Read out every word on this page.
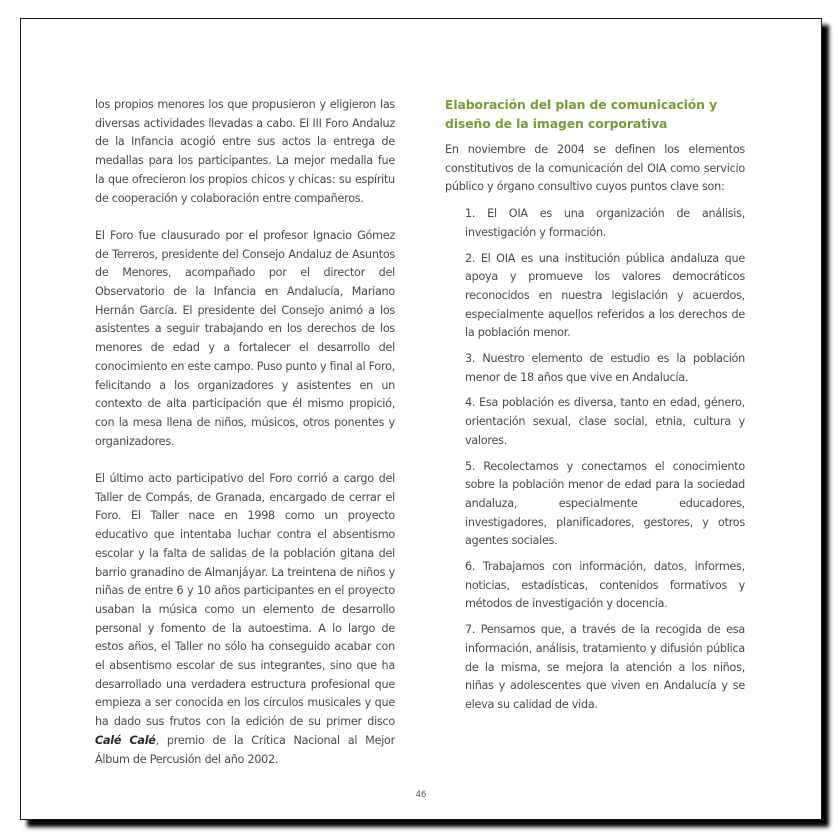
los propios menores los que propusieron y eligieron las diversas actividades llevadas a cabo. El III Foro Andaluz de la Infancia acogió entre sus actos la entrega de medallas para los participantes. La mejor medalla fue la que ofrecieron los propios chicos y chicas: su espíritu de cooperación y colaboración entre compañeros.

El Foro fue clausurado por el profesor Ignacio Gómez de Terreros, presidente del Consejo Andaluz de Asuntos de Menores, acompañado por el director del Observatorio de la Infancia en Andalucía, Mariano Hernán García. El presidente del Consejo animó a los asistentes a seguir trabajando en los derechos de los menores de edad y a fortalecer el desarrollo del conocimiento en este campo. Puso punto y final al Foro, felicitando a los organizadores y asistentes en un contexto de alta participación que él mismo propició, con la mesa llena de niños, músicos, otros ponentes y organizadores.

El último acto participativo del Foro corrió a cargo del Taller de Compás, de Granada, encargado de cerrar el Foro. El Taller nace en 1998 como un proyecto educativo que intentaba luchar contra el absentismo escolar y la falta de salidas de la población gitana del barrio granadino de Almanjáyar. La treintena de niños y niñas de entre 6 y 10 años participantes en el proyecto usaban la música como un elemento de desarrollo personal y fomento de la autoestima. A lo largo de estos años, el Taller no sólo ha conseguido acabar con el absentismo escolar de sus integrantes, sino que ha desarrollado una verdadera estructura profesional que empieza a ser conocida en los círculos musicales y que ha dado sus frutos con la edición de su primer disco Calé Calé, premio de la Crítica Nacional al Mejor Álbum de Percusión del año 2002.

Elaboración del plan de comunicación y diseño de la imagen corporativa

En noviembre de 2004 se definen los elementos constitutivos de la comunicación del OIA como servicio público y órgano consultivo cuyos puntos clave son:

1. El OIA es una organización de análisis, investigación y formación.

2. El OIA es una institución pública andaluza que apoya y promueve los valores democráticos reconocidos en nuestra legislación y acuerdos, especialmente aquellos referidos a los derechos de la población menor.

3. Nuestro elemento de estudio es la población menor de 18 años que vive en Andalucía.

4. Esa población es diversa, tanto en edad, género, orientación sexual, clase social, etnia, cultura y valores.

5. Recolectamos y conectamos el conocimiento sobre la población menor de edad para la sociedad andaluza, especialmente educadores, investigadores, planificadores, gestores, y otros agentes sociales.

6. Trabajamos con información, datos, informes, noticias, estadísticas, contenidos formativos y métodos de investigación y docencia.

7. Pensamos que, a través de la recogida de esa información, análisis, tratamiento y difusión pública de la misma, se mejora la atención a los niños, niñas y adolescentes que viven en Andalucía y se eleva su calidad de vida.

46
